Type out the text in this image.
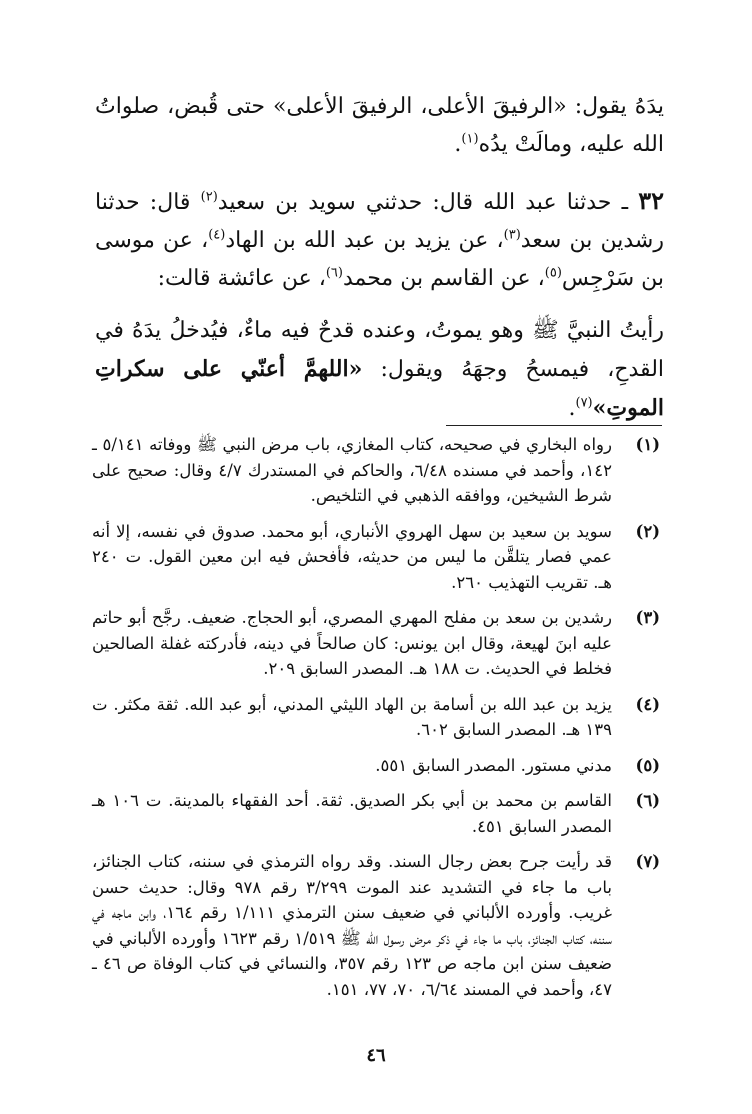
يدَهُ يقول: «الرفيقَ الأعلى، الرفيقَ الأعلى» حتى قُبض، صلواتُ الله عليه، ومالَتْ يدُه$^{(١)}$.

٣٢ ـ حدثنا عبد الله قال: حدثني سويد بن سعيد$^{(٢)}$ قال: حدثنا رشدين بن سعد$^{(٣)}$، عن يزيد بن عبد الله بن الهاد$^{(٤)}$، عن موسى بن سَرْجِس$^{(٥)}$، عن القاسم بن محمد$^{(٦)}$، عن عائشة قالت:

رأيتُ النبيَّ ﷺ وهو يموتُ، وعنده قدحٌ فيه ماءٌ، فيُدخلُ يدَهُ في القدحِ، فيمسحُ وجهَهُ ويقول: «اللهمَّ أعنّي على سكراتِ الموتِ»$^{(٧)}$.

(١)
رواه البخاري في صحيحه، كتاب المغازي، باب مرض النبي ﷺ ووفاته ٥/١٤١ ـ ١٤٢، وأحمد في مسنده ٦/٤٨، والحاكم في المستدرك ٤/٧ وقال: صحيح على شرط الشيخين، ووافقه الذهبي في التلخيص.
(٢)
سويد بن سعيد بن سهل الهروي الأنباري، أبو محمد. صدوق في نفسه، إلا أنه عمي فصار يتلقَّن ما ليس من حديثه، فأفحش فيه ابن معين القول. ت ٢٤٠ هـ. تقريب التهذيب ٢٦٠.
(٣)
رشدين بن سعد بن مفلح المهري المصري، أبو الحجاج. ضعيف. رجَّح أبو حاتم عليه ابنَ لهيعة، وقال ابن يونس: كان صالحاً في دينه، فأدركته غفلة الصالحين فخلط في الحديث. ت ١٨٨ هـ. المصدر السابق ٢٠٩.
(٤)
يزيد بن عبد الله بن أسامة بن الهاد الليثي المدني، أبو عبد الله. ثقة مكثر. ت ١٣٩ هـ. المصدر السابق ٦٠٢.
(٥)
مدني مستور. المصدر السابق ٥٥١.
(٦)
القاسم بن محمد بن أبي بكر الصديق. ثقة. أحد الفقهاء بالمدينة. ت ١٠٦ هـ المصدر السابق ٤٥١.
(٧)
قد رأيت جرح بعض رجال السند. وقد رواه الترمذي في سننه، كتاب الجنائز، باب ما جاء في التشديد عند الموت ٣/٢٩٩ رقم ٩٧٨ وقال: حديث حسن غريب. وأورده الألباني في ضعيف سنن الترمذي ١/١١١ رقم ١٦٤، وابن ماجه في سننه، كتاب الجنائز، باب ما جاء في ذكر مرض رسول الله ﷺ ١/٥١٩ رقم ١٦٢٣ وأورده الألباني في ضعيف سنن ابن ماجه ص ١٢٣ رقم ٣٥٧، والنسائي في كتاب الوفاة ص ٤٦ ـ ٤٧، وأحمد في المسند ٦/٦٤، ٧٠، ٧٧، ١٥١.
٤٦
